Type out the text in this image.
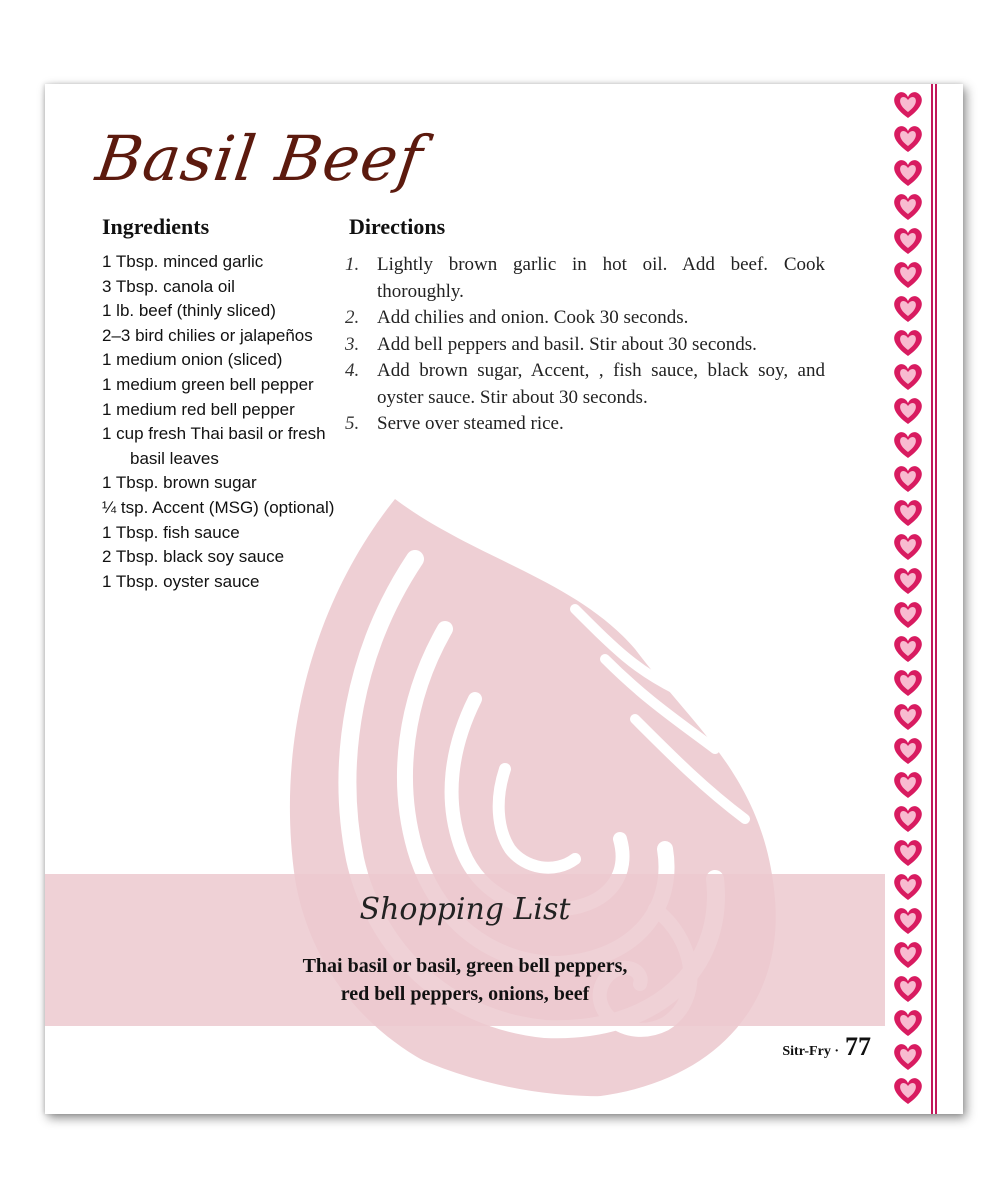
Basil Beef
Ingredients
1 Tbsp. minced garlic
3 Tbsp. canola oil
1 lb. beef (thinly sliced)
2–3 bird chilies or jalapeños
1 medium onion (sliced)
1 medium green bell pepper
1 medium red bell pepper
1 cup fresh Thai basil or fresh basil leaves
1 Tbsp. brown sugar
¼ tsp. Accent (MSG) (optional)
1 Tbsp. fish sauce
2 Tbsp. black soy sauce
1 Tbsp. oyster sauce
Directions
1. Lightly brown garlic in hot oil. Add beef. Cook thoroughly.
2. Add chilies and onion. Cook 30 seconds.
3. Add bell peppers and basil. Stir about 30 seconds.
4. Add brown sugar, Accent, , fish sauce, black soy, and oyster sauce. Stir about 30 seconds.
5. Serve over steamed rice.
Shopping List
Thai basil or basil, green bell peppers,
red bell peppers, onions, beef
Sitr-Fry · 77
